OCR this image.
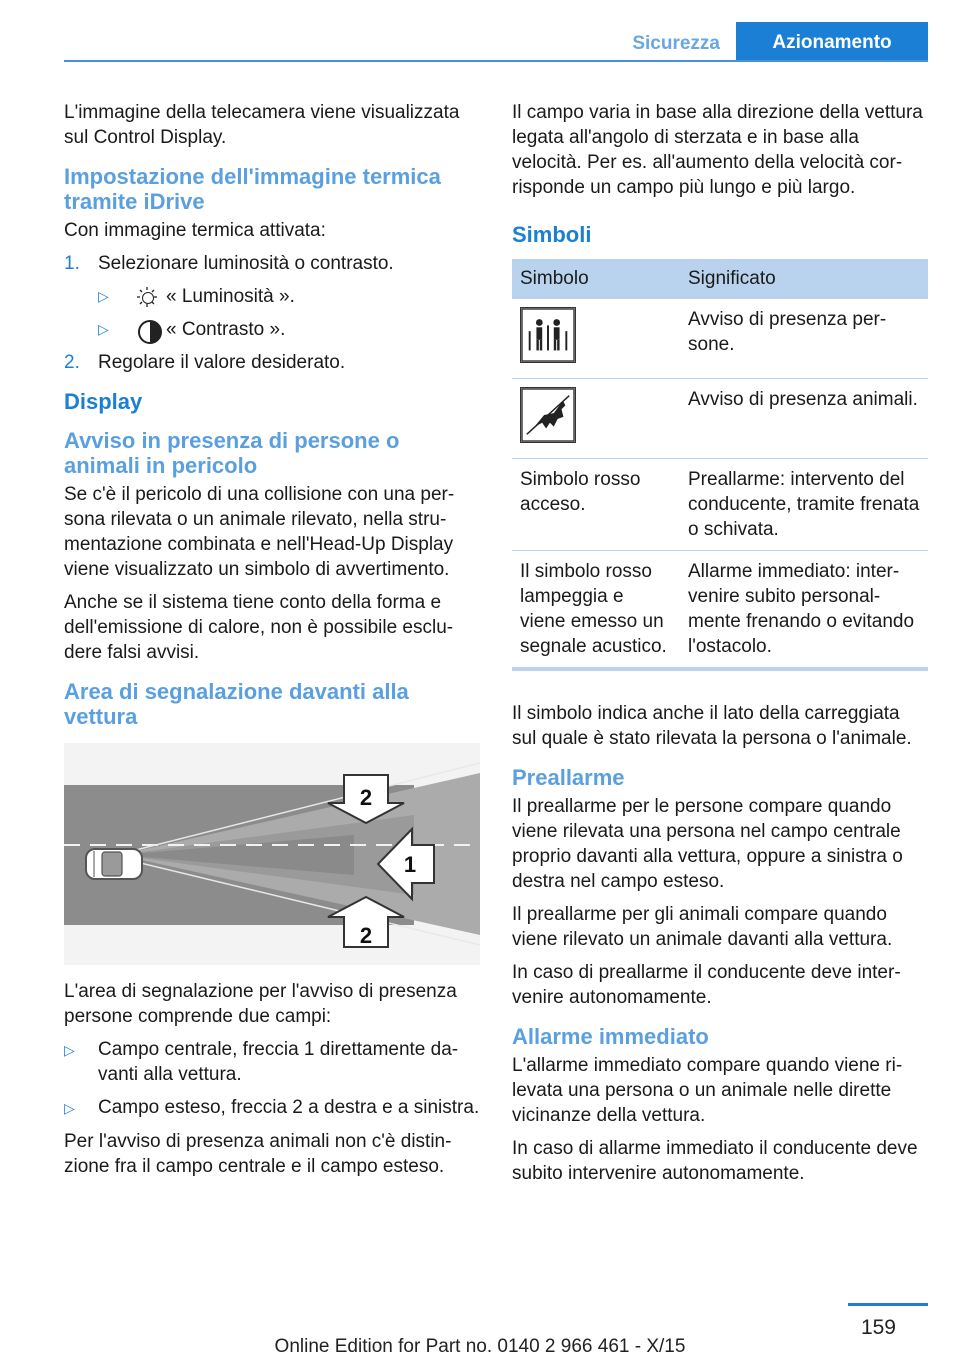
Sicurezza	Azionamento

L'immagine della telecamera viene visualizzata sul Control Display.

Impostazione dell'immagine termica tramite iDrive

Con immagine termica attivata:

1. Selezionare luminosità o contrasto.
▷	« Luminosità ».
▷	« Contrasto ».
2. Regolare il valore desiderato.
Display
Avviso in presenza di persone o animali in pericolo

Se c'è il pericolo di una collisione con una persona rilevata o un animale rilevato, nella strumentazione combinata e nell'Head-Up Display viene visualizzato un simbolo di avvertimento.

Anche se il sistema tiene conto della forma e dell'emissione di calore, non è possibile escludere falsi avvisi.

Area di segnalazione davanti alla vettura
2
1
2

L'area di segnalazione per l'avviso di presenza persone comprende due campi:

▷	Campo centrale, freccia 1 direttamente davanti alla vettura.
▷	Campo esteso, freccia 2 a destra e a sinistra.

Per l'avviso di presenza animali non c'è distinzione fra il campo centrale e il campo esteso.

Il campo varia in base alla direzione della vettura legata all'angolo di sterzata e in base alla velocità. Per es. all'aumento della velocità corrisponde un campo più lungo e più largo.

Simboli
Simbolo	Significato
	Avviso di presenza persone.
	Avviso di presenza animali.
Simbolo rosso acceso.	Preallarme: intervento del conducente, tramite frenata o schivata.
Il simbolo rosso lampeggia e viene emesso un segnale acustico.	Allarme immediato: intervenire subito personalmente frenando o evitando l'ostacolo.

Il simbolo indica anche il lato della carreggiata sul quale è stato rilevata la persona o l'animale.

Preallarme

Il preallarme per le persone compare quando viene rilevata una persona nel campo centrale proprio davanti alla vettura, oppure a sinistra o destra nel campo esteso.

Il preallarme per gli animali compare quando viene rilevato un animale davanti alla vettura.

In caso di preallarme il conducente deve intervenire autonomamente.

Allarme immediato

L'allarme immediato compare quando viene rilevata una persona o un animale nelle dirette vicinanze della vettura.

In caso di allarme immediato il conducente deve subito intervenire autonomamente.

159
Online Edition for Part no. 0140 2 966 461 - X/15
